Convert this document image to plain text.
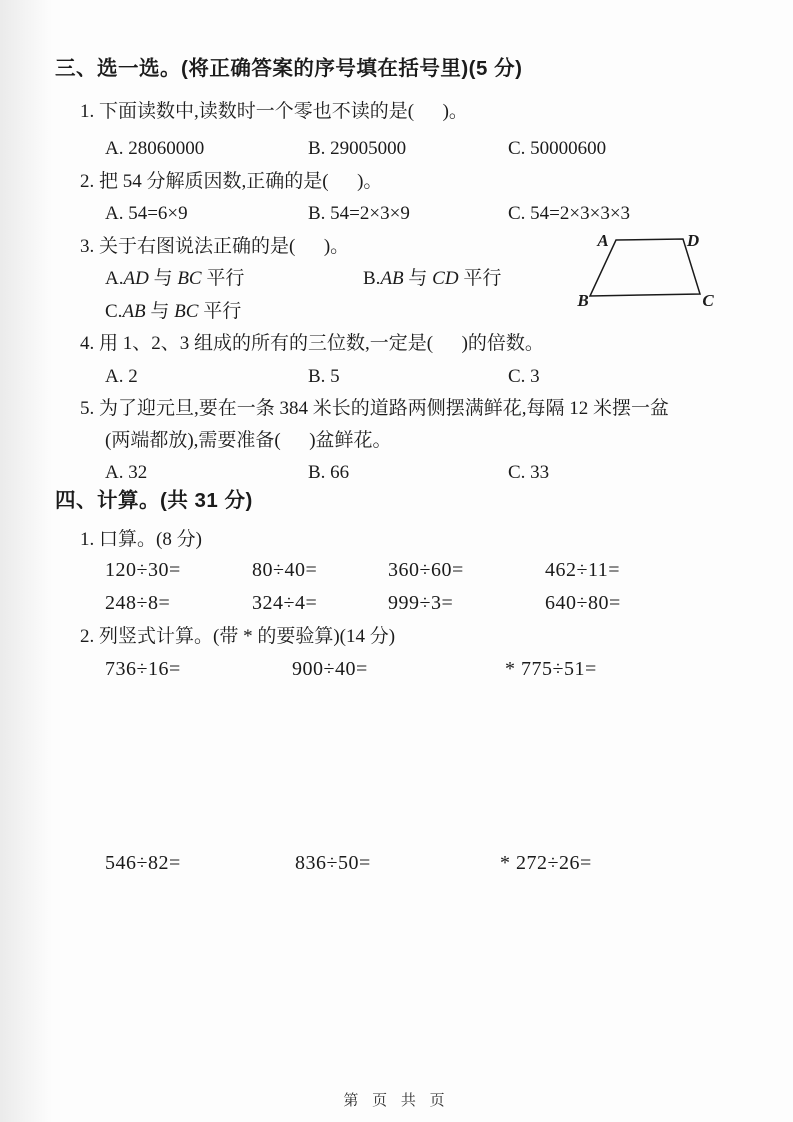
三、选一选。(将正确答案的序号填在括号里)(5 分)
1. 下面读数中,读数时一个零也不读的是(      )。
A. 28060000	B. 29005000	C. 50000600
2. 把 54 分解质因数,正确的是(      )。
A. 54=6×9	B. 54=2×3×9	C. 54=2×3×3×3
3. 关于右图说法正确的是(      )。
A.AD 与 BC 平行	B.AB 与 CD 平行
C.AB 与 BC 平行
A	D
B	C
4. 用 1、2、3 组成的所有的三位数,一定是(      )的倍数。
A. 2	B. 5	C. 3
5. 为了迎元旦,要在一条 384 米长的道路两侧摆满鲜花,每隔 12 米摆一盆
(两端都放),需要准备(      )盆鲜花。
A. 32	B. 66	C. 33
四、计算。(共 31 分)
1. 口算。(8 分)
120÷30=	80÷40=	360÷60=	462÷11=
248÷8=	324÷4=	999÷3=	640÷80=
2. 列竖式计算。(带 * 的要验算)(14 分)
736÷16=	900÷40=	* 775÷51=
546÷82=	836÷50=	* 272÷26=
第 页 共 页
